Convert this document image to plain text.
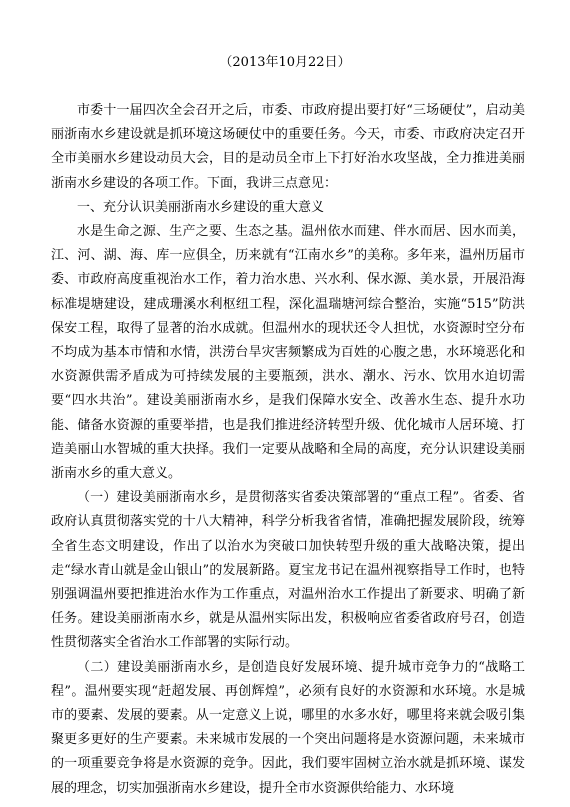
（2013年10月22日）

市委十一届四次全会召开之后，市委、市政府提出要打好“三场硬仗”，启动美丽浙南水乡建设就是抓环境这场硬仗中的重要任务。今天，市委、市政府决定召开全市美丽水乡建设动员大会，目的是动员全市上下打好治水攻坚战，全力推进美丽浙南水乡建设的各项工作。下面，我讲三点意见：

一、充分认识美丽浙南水乡建设的重大意义

水是生命之源、生产之要、生态之基。温州依水而建、伴水而居、因水而美，江、河、湖、海、库一应俱全，历来就有“江南水乡”的美称。多年来，温州历届市委、市政府高度重视治水工作，着力治水患、兴水利、保水源、美水景，开展沿海标准堤塘建设，建成珊溪水利枢纽工程，深化温瑞塘河综合整治，实施“515”防洪保安工程，取得了显著的治水成就。但温州水的现状还令人担忧，水资源时空分布不均成为基本市情和水情，洪涝台旱灾害频繁成为百姓的心腹之患，水环境恶化和水资源供需矛盾成为可持续发展的主要瓶颈，洪水、潮水、污水、饮用水迫切需要“四水共治”。建设美丽浙南水乡，是我们保障水安全、改善水生态、提升水功能、储备水资源的重要举措，也是我们推进经济转型升级、优化城市人居环境、打造美丽山水智城的重大抉择。我们一定要从战略和全局的高度，充分认识建设美丽浙南水乡的重大意义。

（一）建设美丽浙南水乡，是贯彻落实省委决策部署的“重点工程”。省委、省政府认真贯彻落实党的十八大精神，科学分析我省省情，准确把握发展阶段，统筹全省生态文明建设，作出了以治水为突破口加快转型升级的重大战略决策，提出走“绿水青山就是金山银山”的发展新路。夏宝龙书记在温州视察指导工作时，也特别强调温州要把推进治水作为工作重点，对温州治水工作提出了新要求、明确了新任务。建设美丽浙南水乡，就是从温州实际出发，积极响应省委省政府号召，创造性贯彻落实全省治水工作部署的实际行动。

（二）建设美丽浙南水乡，是创造良好发展环境、提升城市竞争力的“战略工程”。温州要实现“赶超发展、再创辉煌”，必须有良好的水资源和水环境。水是城市的要素、发展的要素。从一定意义上说，哪里的水多水好，哪里将来就会吸引集聚更多更好的生产要素。未来城市发展的一个突出问题将是水资源问题，未来城市的一项重要竞争将是水资源的竞争。因此，我们要牢固树立治水就是抓环境、谋发展的理念，切实加强浙南水乡建设，提升全市水资源供给能力、水环境
